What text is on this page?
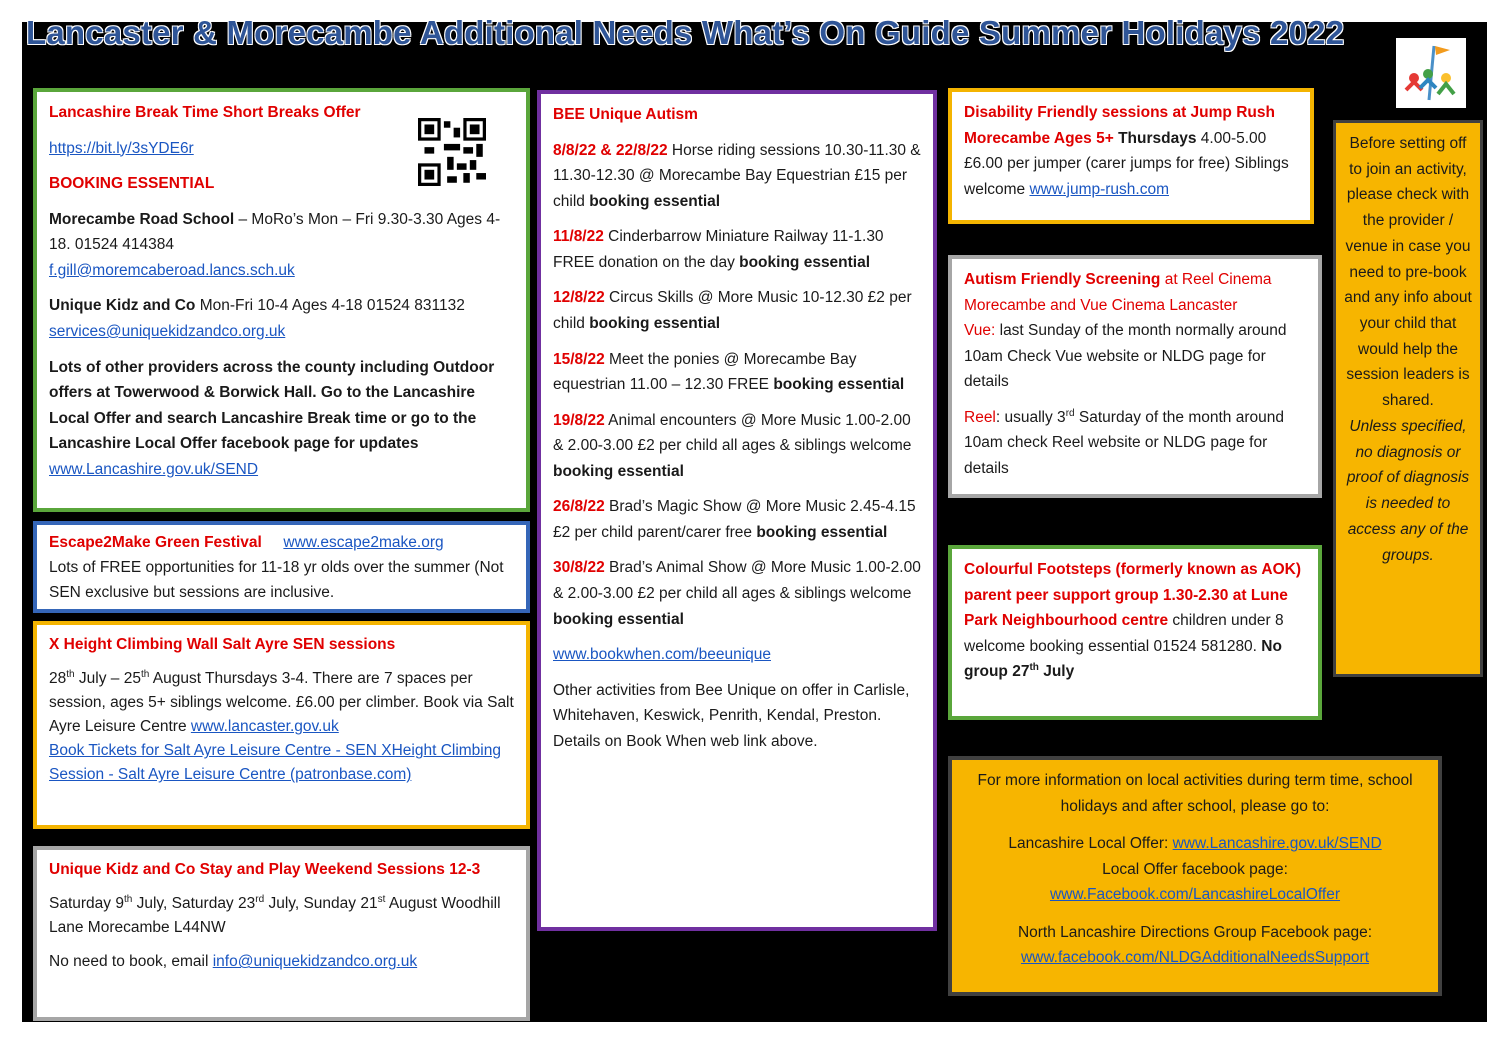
Lancaster & Morecambe Additional Needs What’s On Guide Summer Holidays 2022

Lancashire Break Time Short Breaks Offer

https://bit.ly/3sYDE6r

BOOKING ESSENTIAL

Morecambe Road School – MoRo’s Mon – Fri 9.30-3.30 Ages 4-18. 01524 414384
f.gill@moremcaberoad.lancs.sch.uk

Unique Kidz and Co Mon-Fri 10-4 Ages 4-18 01524 831132 services@uniquekidzandco.org.uk

Lots of other providers across the county including Outdoor offers at Towerwood & Borwick Hall. Go to the Lancashire Local Offer and search Lancashire Break time or go to the Lancashire Local Offer facebook page for updates www.Lancashire.gov.uk/SEND

Escape2Make Green Festival www.escape2make.org
Lots of FREE opportunities for 11-18 yr olds over the summer (Not SEN exclusive but sessions are inclusive.

X Height Climbing Wall Salt Ayre SEN sessions

28th July – 25th August Thursdays 3-4. There are 7 spaces per session, ages 5+ siblings welcome. £6.00 per climber. Book via Salt Ayre Leisure Centre www.lancaster.gov.uk
Book Tickets for Salt Ayre Leisure Centre - SEN XHeight Climbing Session - Salt Ayre Leisure Centre (patronbase.com)

Unique Kidz and Co Stay and Play Weekend Sessions 12-3

Saturday 9th July, Saturday 23rd July, Sunday 21st August Woodhill Lane Morecambe L44NW

No need to book, email info@uniquekidzandco.org.uk

BEE Unique Autism

8/8/22 & 22/8/22 Horse riding sessions 10.30-11.30 & 11.30-12.30 @ Morecambe Bay Equestrian £15 per child booking essential

11/8/22 Cinderbarrow Miniature Railway 11-1.30 FREE donation on the day booking essential

12/8/22 Circus Skills @ More Music 10-12.30 £2 per child booking essential

15/8/22 Meet the ponies @ Morecambe Bay equestrian 11.00 – 12.30 FREE booking essential

19/8/22 Animal encounters @ More Music 1.00-2.00 & 2.00-3.00 £2 per child all ages & siblings welcome booking essential

26/8/22 Brad’s Magic Show @ More Music 2.45-4.15 £2 per child parent/carer free booking essential

30/8/22 Brad’s Animal Show @ More Music 1.00-2.00 & 2.00-3.00 £2 per child all ages & siblings welcome booking essential

www.bookwhen.com/beeunique

Other activities from Bee Unique on offer in Carlisle, Whitehaven, Keswick, Penrith, Kendal, Preston. Details on Book When web link above.

Disability Friendly sessions at Jump Rush Morecambe Ages 5+ Thursdays 4.00-5.00 £6.00 per jumper (carer jumps for free) Siblings welcome www.jump-rush.com

Autism Friendly Screening at Reel Cinema Morecambe and Vue Cinema Lancaster
Vue: last Sunday of the month normally around 10am Check Vue website or NLDG page for details

Reel: usually 3rd Saturday of the month around 10am check Reel website or NLDG page for details

Colourful Footsteps (formerly known as AOK) parent peer support group 1.30-2.30 at Lune Park Neighbourhood centre children under 8 welcome booking essential 01524 581280. No group 27th July
Before setting off to join an activity, please check with the provider / venue in case you need to pre-book and any info about your child that would help the session leaders is shared.
Unless specified, no diagnosis or proof of diagnosis is needed to access any of the groups.

For more information on local activities during term time, school holidays and after school, please go to:

Lancashire Local Offer: www.Lancashire.gov.uk/SEND
Local Offer facebook page:
www.Facebook.com/LancashireLocalOffer

North Lancashire Directions Group Facebook page:
www.facebook.com/NLDGAdditionalNeedsSupport
